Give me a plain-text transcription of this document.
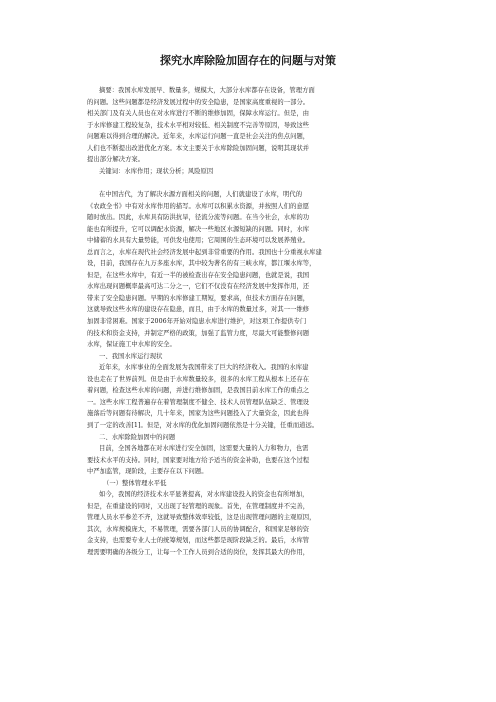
探究水库除险加固存在的问题与对策
摘要：我国水库发展早、数量多，规模大，大部分水库都存在设备，管理方面
的问题。这些问题都是经济发展过程中的安全隐患，是国家高度重视的一部分。
相关部门及有关人员也在对水库进行不断的维修加固，保障水库运行。但是，由
于水库修建工程较复杂，技术水平相对较低、相关制度不完善等原因，导致这些
问题难以得到合理的解决。近年来，水库运行问题一直是社会关注的焦点问题，
人们也不断提出改进优化方案。本文主要关于水库除险加固问题，说明其现状并
提出部分解决方案。
关键词：水库作用；现状分析；风险原因
在中国古代，为了解决水源方面相关的问题，人们就建设了水库，明代的
《农政全书》中有对水库作用的描写。水库可以积累水资源，并按照人们的意愿
随时放出。因此，水库具有防洪抗旱，径流分流等问题。在当今社会，水库的功
能也有所提升，它可以调配水资源，解决一些地区水源短缺的问题。同时，水库
中储蓄的水具有大量势能，可供发电使用；它周围的生态环境可以发展养殖业。
总而言之，水库在现代社会经济发展中起到非常重要的作用。我国也十分重视水库建
设，目前，我国存在九万多座水库，其中较为著名的有三峡水库，都江堰水库等，
但是，在这些水库中，有近一半的被检查出存在安全隐患问题，也就是说，我国
水库出现问题概率最高可达二分之一，它们不仅没有在经济发展中发挥作用，还
带来了安全隐患问题。早期的水库修建工期短，要求高，但技术方面存在问题，
这就导致这些水库的建设存在隐患，而且，由于水库的数量过多，对其一一维修
加固非常困难。国家于2006年开始对隐患水库进行维护，对这项工作提供专门
的技术和资金支持，并制定严格的政策，加强了监管力度，尽最大可能整修问题
水库，保证施工中水库的安全。
一、我国水库运行现状
近年来，水库事业的全面发展为我国带来了巨大的经济收入。我国的水库建
设也走在了世界前列。但是由于水库数量较多，很多的水库工程从根本上还存在
着问题，检查这些水库的问题，并进行维修加固，是我国目前水库工作的重点之
一。这些水库工程普遍存在着管理制度不健全、技术人员管理队伍缺乏、管理设
施落后等问题有待解决，几十年来，国家为这些问题投入了大量资金，因此也得
到了一定的改善[1]。但是，对水库的优化加固问题依然是十分关键，任重而道远。
二、水库除险加固中的问题
目前，全国各地都在对水库进行安全加固，这需要大量的人力和物力，也需
要技术水平的支持。同时，国家要对地方给予适当的资金补助，也要在这个过程
中严加监管，现阶段，主要存在以下问题。
（一）整体管理水平低
如今，我国的经济技术水平显著提高，对水库建设投入的资金也有所增加，
但是，在重建设的同时，又出现了轻管理的现象。首先，在管理制度并不完善，
管理人员水平参差不齐，这就导致整体效率较低，这是出现管理问题的主观原因，
其次，水库规模庞大，不易管理，需要各部门人员的协调配合，和国家足够的资
金支持，也需要专业人士的统筹规划，而这些都是现阶段缺乏的。最后，水库管
理需要明确的各级分工，让每一个工作人员到合适的岗位，发挥其最大的作用，
